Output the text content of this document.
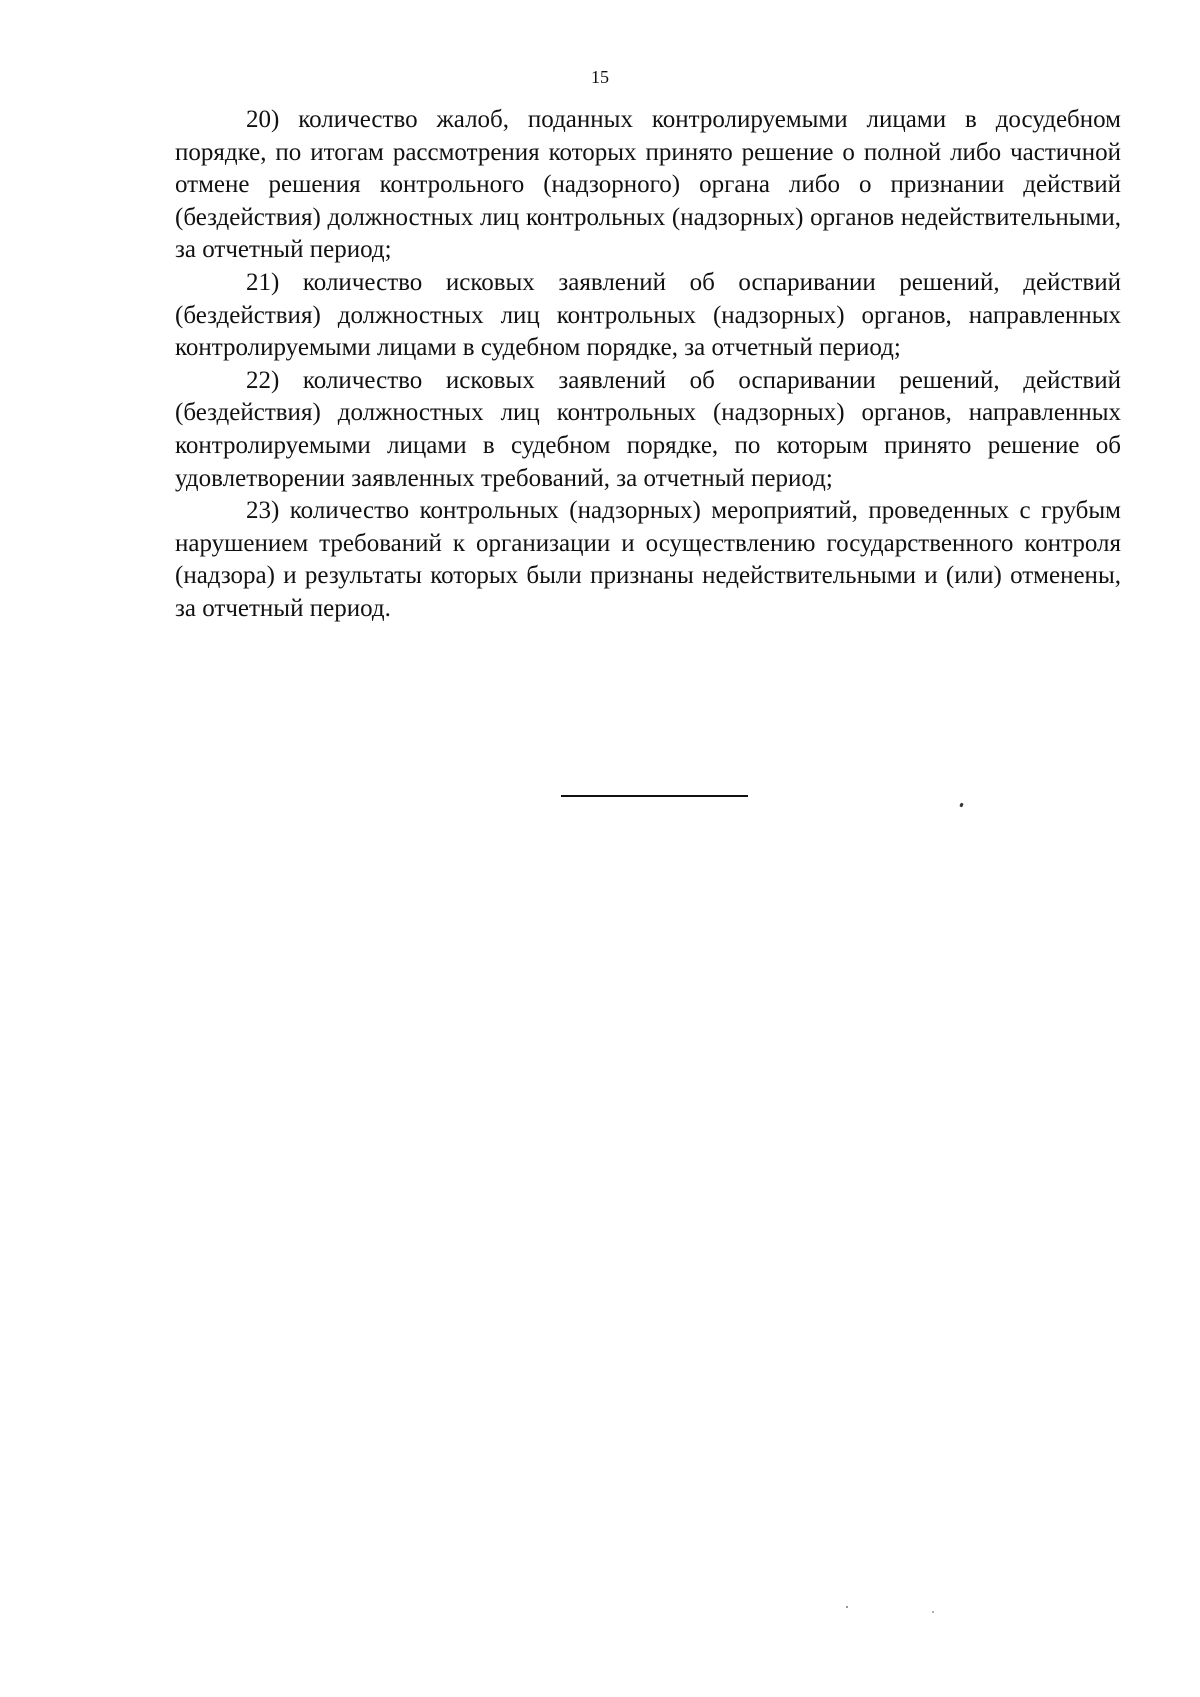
15

20) количество жалоб, поданных контролируемыми лицами в досудебном порядке, по итогам рассмотрения которых принято решение о полной либо частичной отмене решения контрольного (надзорного) органа либо о признании действий (бездействия) должностных лиц контрольных (надзорных) органов недействительными, за отчетный период;

21) количество исковых заявлений об оспаривании решений, действий (бездействия) должностных лиц контрольных (надзорных) органов, направленных контролируемыми лицами в судебном порядке, за отчетный период;

22) количество исковых заявлений об оспаривании решений, действий (бездействия) должностных лиц контрольных (надзорных) органов, направленных контролируемыми лицами в судебном порядке, по которым принято решение об удовлетворении заявленных требований, за отчетный период;

23) количество контрольных (надзорных) мероприятий, проведенных с грубым нарушением требований к организации и осуществлению государственного контроля (надзора) и результаты которых были признаны недействительными и (или) отменены, за отчетный период.
